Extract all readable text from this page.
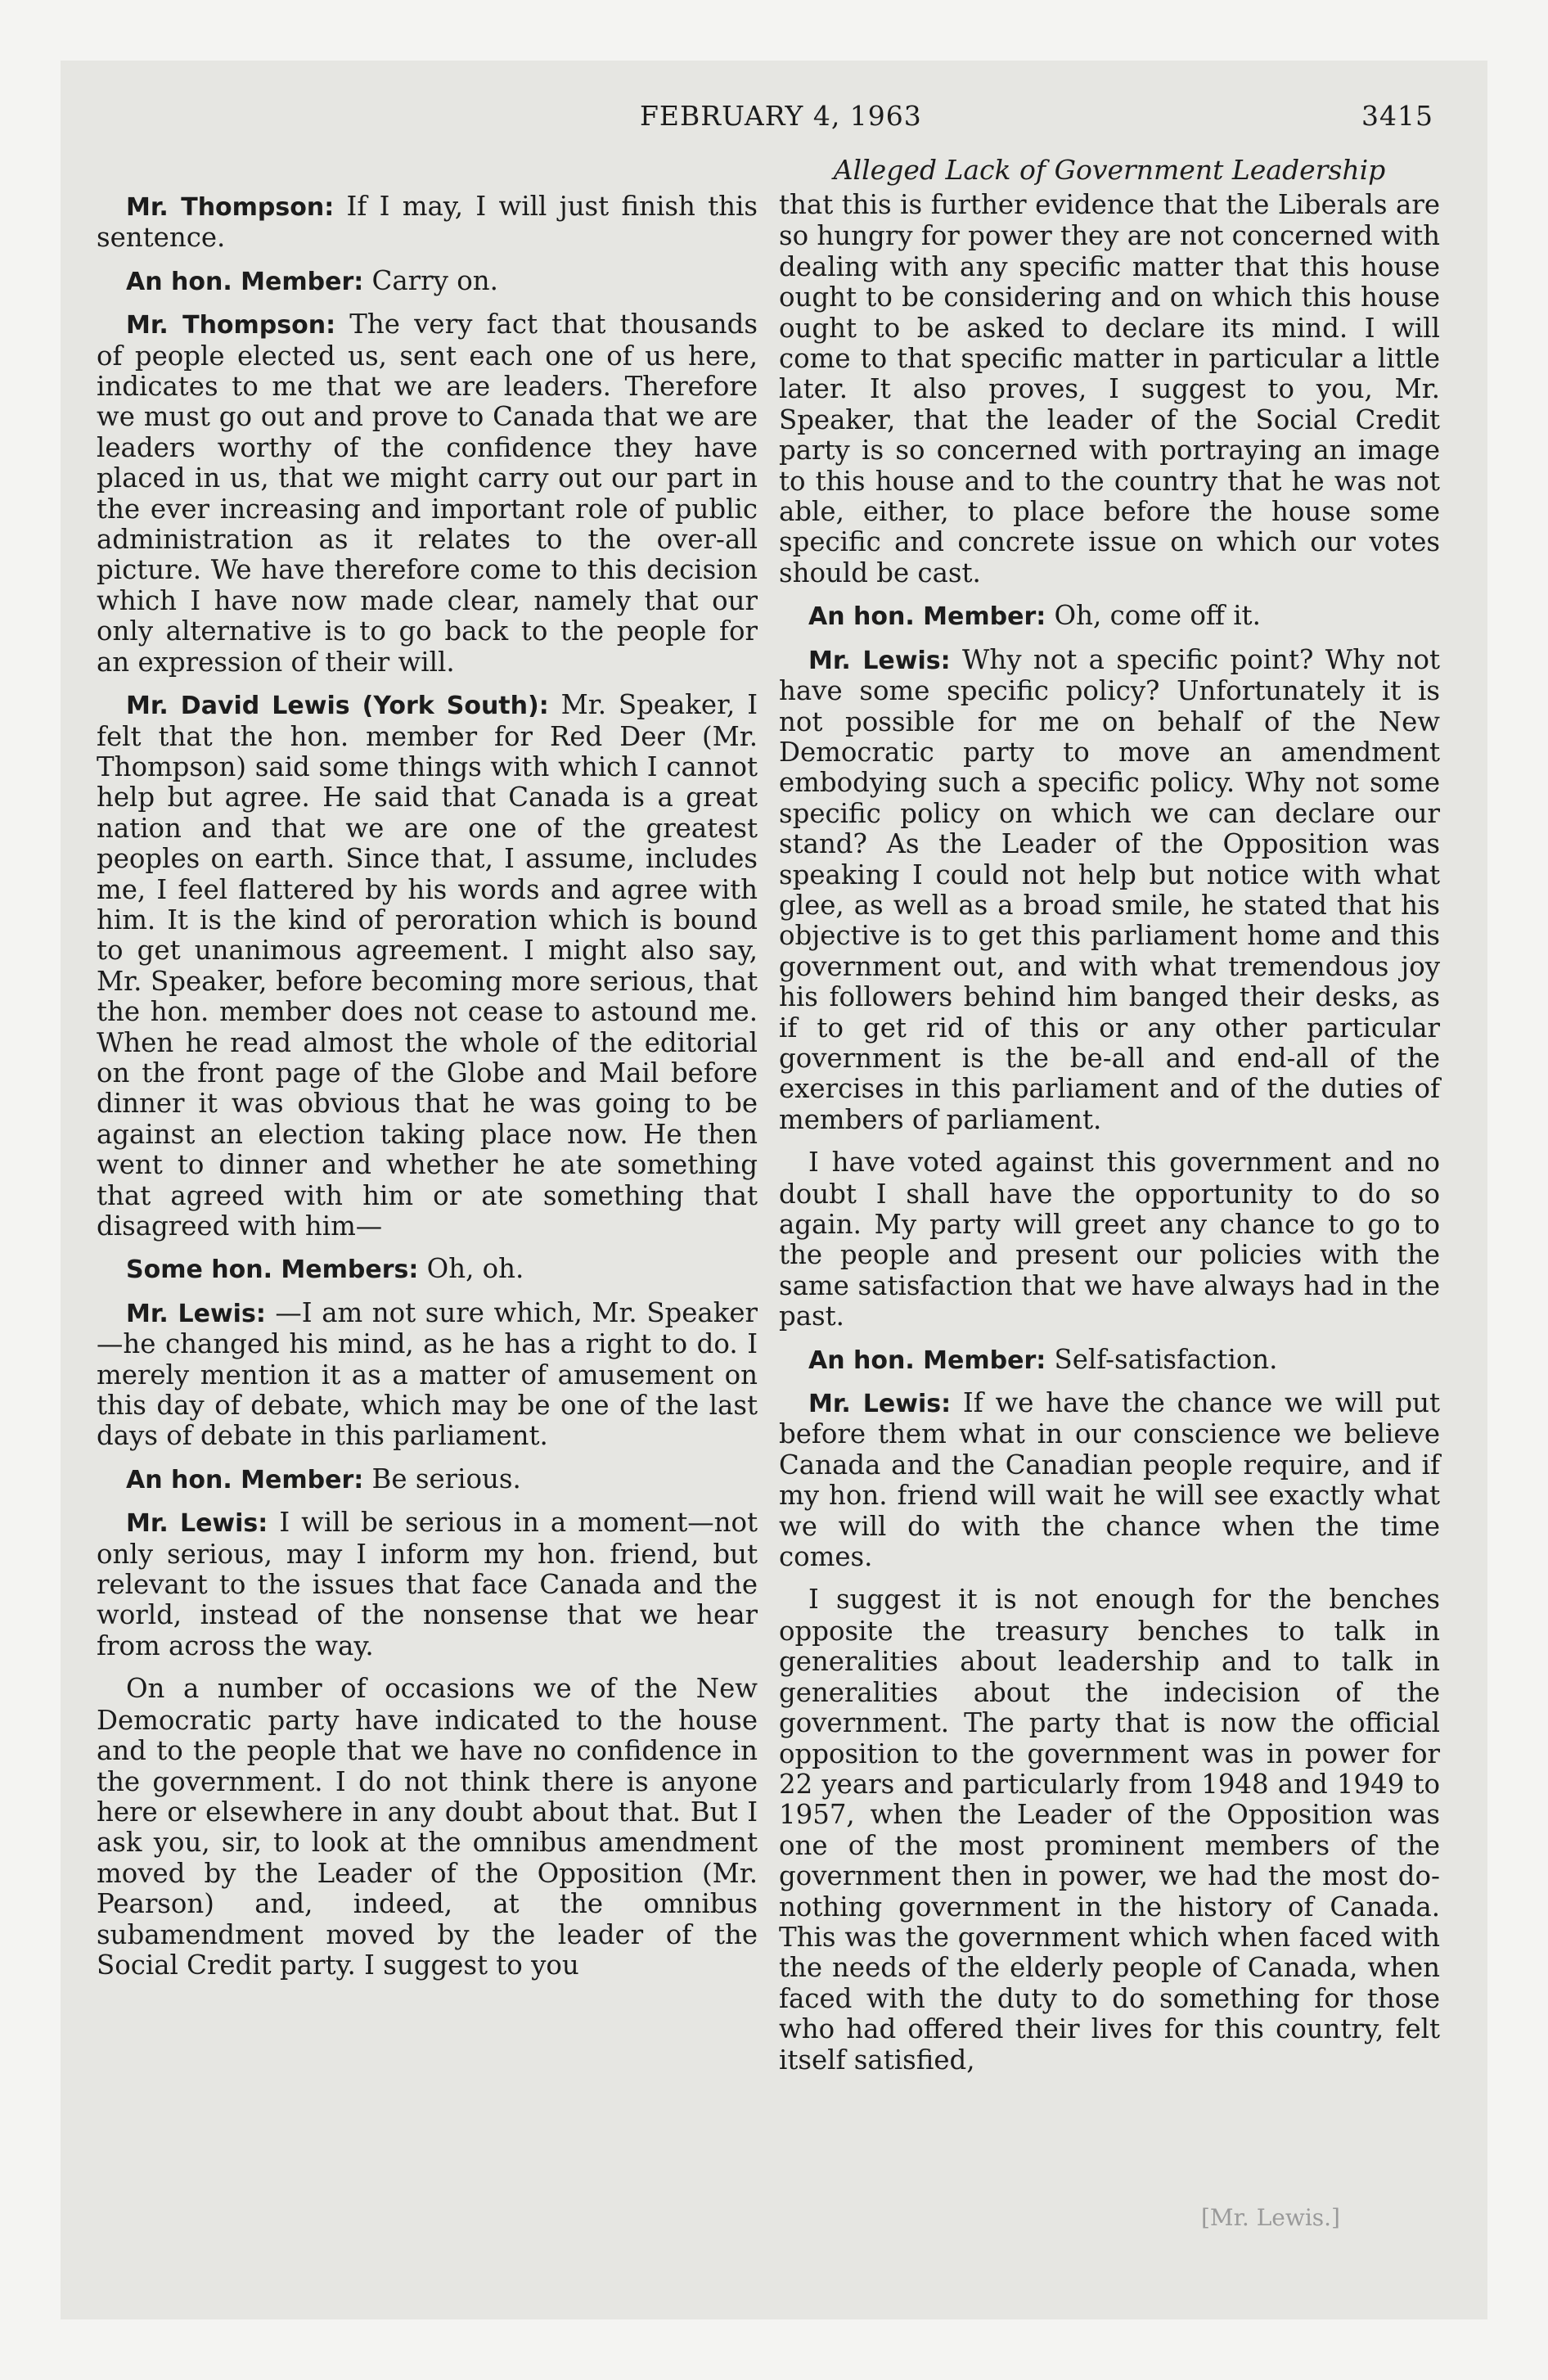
FEBRUARY 4, 1963	3415
Alleged Lack of Government Leadership

Mr. Thompson: If I may, I will just finish this sentence.

An hon. Member: Carry on.

Mr. Thompson: The very fact that thousands of people elected us, sent each one of us here, indicates to me that we are leaders. Therefore we must go out and prove to Canada that we are leaders worthy of the confidence they have placed in us, that we might carry out our part in the ever increasing and important role of public administration as it relates to the over-all picture. We have therefore come to this decision which I have now made clear, namely that our only alternative is to go back to the people for an expression of their will.

Mr. David Lewis (York South): Mr. Speaker, I felt that the hon. member for Red Deer (Mr. Thompson) said some things with which I cannot help but agree. He said that Canada is a great nation and that we are one of the greatest peoples on earth. Since that, I assume, includes me, I feel flattered by his words and agree with him. It is the kind of peroration which is bound to get unanimous agreement. I might also say, Mr. Speaker, before becoming more serious, that the hon. member does not cease to astound me. When he read almost the whole of the editorial on the front page of the Globe and Mail before dinner it was obvious that he was going to be against an election taking place now. He then went to dinner and whether he ate something that agreed with him or ate something that disagreed with him—

Some hon. Members: Oh, oh.

Mr. Lewis: —I am not sure which, Mr. Speaker—he changed his mind, as he has a right to do. I merely mention it as a matter of amusement on this day of debate, which may be one of the last days of debate in this parliament.

An hon. Member: Be serious.

Mr. Lewis: I will be serious in a moment—not only serious, may I inform my hon. friend, but relevant to the issues that face Canada and the world, instead of the nonsense that we hear from across the way.

On a number of occasions we of the New Democratic party have indicated to the house and to the people that we have no confidence in the government. I do not think there is anyone here or elsewhere in any doubt about that. But I ask you, sir, to look at the omnibus amendment moved by the Leader of the Opposition (Mr. Pearson) and, indeed, at the omnibus subamendment moved by the leader of the Social Credit party. I suggest to you

that this is further evidence that the Liberals are so hungry for power they are not concerned with dealing with any specific matter that this house ought to be considering and on which this house ought to be asked to declare its mind. I will come to that specific matter in particular a little later. It also proves, I suggest to you, Mr. Speaker, that the leader of the Social Credit party is so concerned with portraying an image to this house and to the country that he was not able, either, to place before the house some specific and concrete issue on which our votes should be cast.

An hon. Member: Oh, come off it.

Mr. Lewis: Why not a specific point? Why not have some specific policy? Unfortunately it is not possible for me on behalf of the New Democratic party to move an amendment embodying such a specific policy. Why not some specific policy on which we can declare our stand? As the Leader of the Opposition was speaking I could not help but notice with what glee, as well as a broad smile, he stated that his objective is to get this parliament home and this government out, and with what tremendous joy his followers behind him banged their desks, as if to get rid of this or any other particular government is the be-all and end-all of the exercises in this parliament and of the duties of members of parliament.

I have voted against this government and no doubt I shall have the opportunity to do so again. My party will greet any chance to go to the people and present our policies with the same satisfaction that we have always had in the past.

An hon. Member: Self-satisfaction.

Mr. Lewis: If we have the chance we will put before them what in our conscience we believe Canada and the Canadian people require, and if my hon. friend will wait he will see exactly what we will do with the chance when the time comes.

I suggest it is not enough for the benches opposite the treasury benches to talk in generalities about leadership and to talk in generalities about the indecision of the government. The party that is now the official opposition to the government was in power for 22 years and particularly from 1948 and 1949 to 1957, when the Leader of the Opposition was one of the most prominent members of the government then in power, we had the most do-nothing government in the history of Canada. This was the government which when faced with the needs of the elderly people of Canada, when faced with the duty to do something for those who had offered their lives for this country, felt itself satisfied,

[Mr. Lewis.]
